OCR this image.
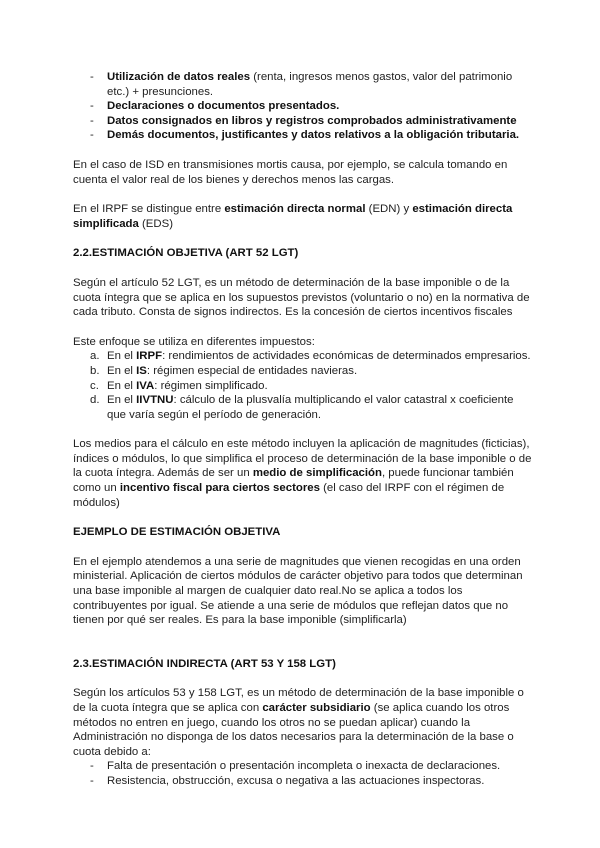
- Utilización de datos reales (renta, ingresos menos gastos, valor del patrimonio etc.) + presunciones.
- Declaraciones o documentos presentados.
- Datos consignados en libros y registros comprobados administrativamente
- Demás documentos, justificantes y datos relativos a la obligación tributaria.

En el caso de ISD en transmisiones mortis causa, por ejemplo, se calcula tomando en cuenta el valor real de los bienes y derechos menos las cargas.

En el IRPF se distingue entre estimación directa normal (EDN) y estimación directa simplificada (EDS)

2.2.ESTIMACIÓN OBJETIVA (ART 52 LGT)

Según el artículo 52 LGT, es un método de determinación de la base imponible o de la cuota íntegra que se aplica en los supuestos previstos (voluntario o no) en la normativa de cada tributo. Consta de signos indirectos. Es la concesión de ciertos incentivos fiscales

Este enfoque se utiliza en diferentes impuestos:

a. En el IRPF: rendimientos de actividades económicas de determinados empresarios.
b. En el IS: régimen especial de entidades navieras.
c. En el IVA: régimen simplificado.
d. En el IIVTNU: cálculo de la plusvalía multiplicando el valor catastral x coeficiente que varía según el período de generación.

Los medios para el cálculo en este método incluyen la aplicación de magnitudes (ficticias), índices o módulos, lo que simplifica el proceso de determinación de la base imponible o de la cuota íntegra. Además de ser un medio de simplificación, puede funcionar también como un incentivo fiscal para ciertos sectores (el caso del IRPF con el régimen de módulos)

EJEMPLO DE ESTIMACIÓN OBJETIVA

En el ejemplo atendemos a una serie de magnitudes que vienen recogidas en una orden ministerial. Aplicación de ciertos módulos de carácter objetivo para todos que determinan una base imponible al margen de cualquier dato real.No se aplica a todos los contribuyentes por igual. Se atiende a una serie de módulos que reflejan datos que no tienen por qué ser reales. Es para la base imponible (simplificarla)

2.3.ESTIMACIÓN INDIRECTA (ART 53 Y 158 LGT)

Según los artículos 53 y 158 LGT, es un método de determinación de la base imponible o de la cuota íntegra que se aplica con carácter subsidiario (se aplica cuando los otros métodos no entren en juego, cuando los otros no se puedan aplicar) cuando la Administración no disponga de los datos necesarios para la determinación de la base o cuota debido a:

- Falta de presentación o presentación incompleta o inexacta de declaraciones.
- Resistencia, obstrucción, excusa o negativa a las actuaciones inspectoras.
